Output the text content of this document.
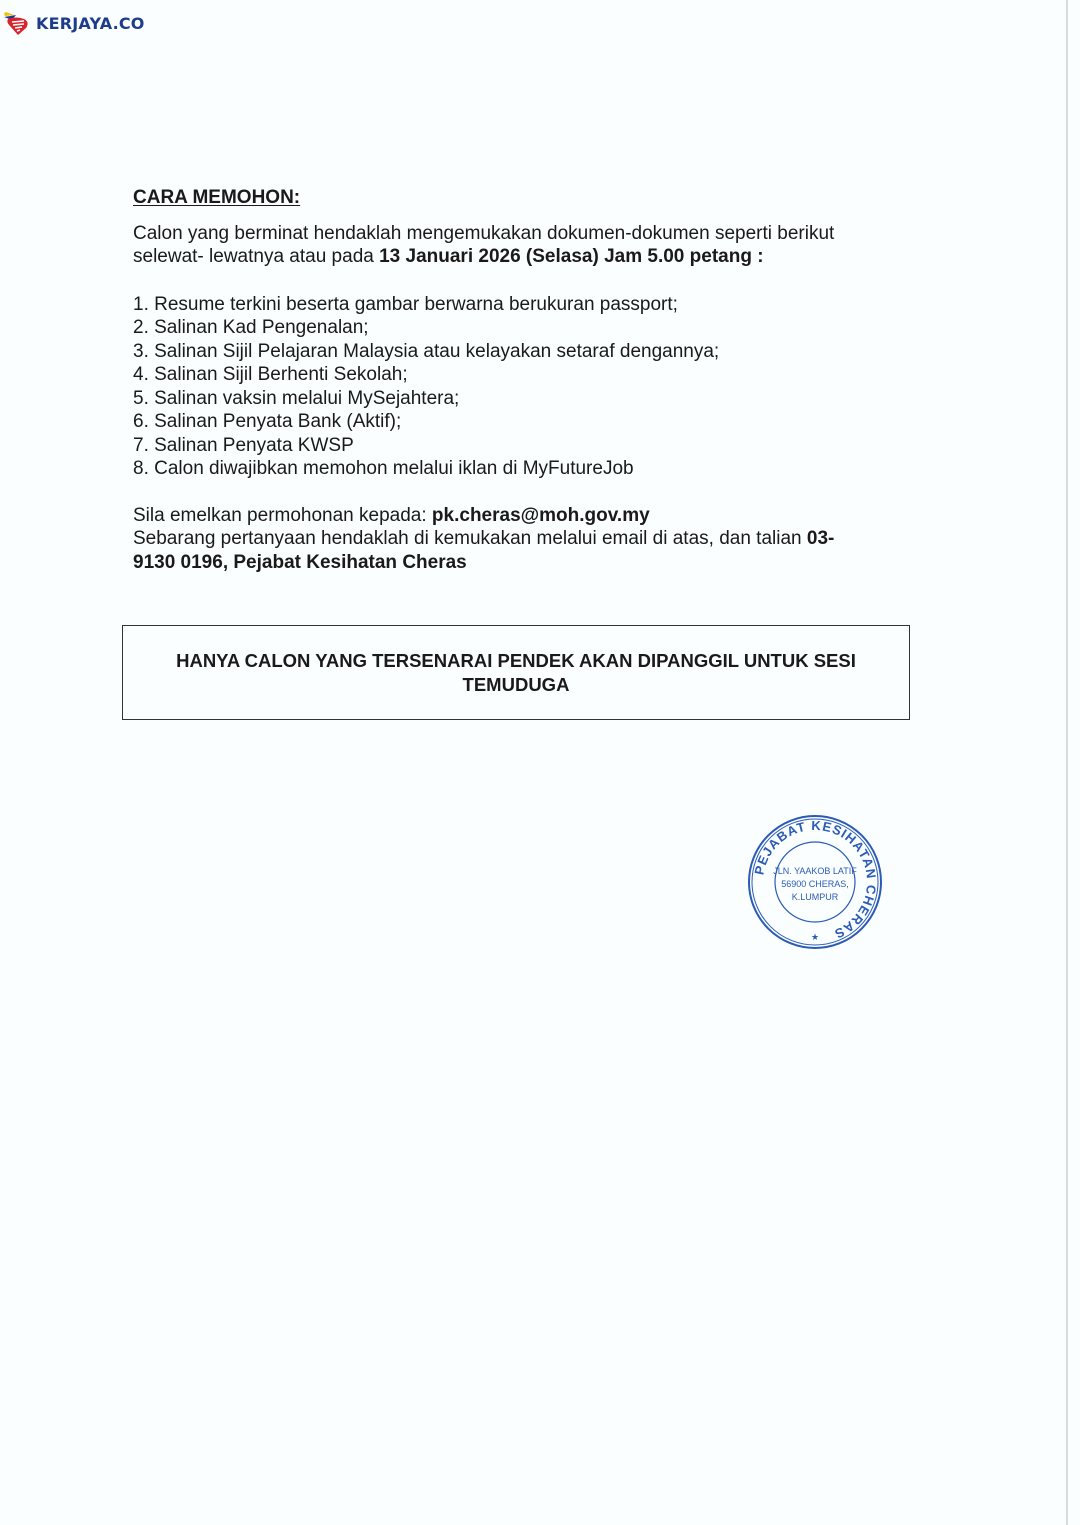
KERJAYA.CO

CARA MEMOHON:

Calon yang berminat hendaklah mengemukakan dokumen-dokumen seperti berikut
selewat- lewatnya atau pada 13 Januari 2026 (Selasa) Jam 5.00 petang :

1. Resume terkini beserta gambar berwarna berukuran passport;
2. Salinan Kad Pengenalan;
3. Salinan Sijil Pelajaran Malaysia atau kelayakan setaraf dengannya;
4. Salinan Sijil Berhenti Sekolah;
5. Salinan vaksin melalui MySejahtera;
6. Salinan Penyata Bank (Aktif);
7. Salinan Penyata KWSP
8. Calon diwajibkan memohon melalui iklan di MyFutureJob

Sila emelkan permohonan kepada: pk.cheras@moh.gov.my
Sebarang pertanyaan hendaklah di kemukakan melalui email di atas, dan talian 03-
9130 0196, Pejabat Kesihatan Cheras

HANYA CALON YANG TERSENARAI PENDEK AKAN DIPANGGIL UNTUK SESI TEMUDUGA
PEJABAT KESIHATAN CHERAS
JLN. YAAKOB LATIF
56900 CHERAS,
K.LUMPUR
★
